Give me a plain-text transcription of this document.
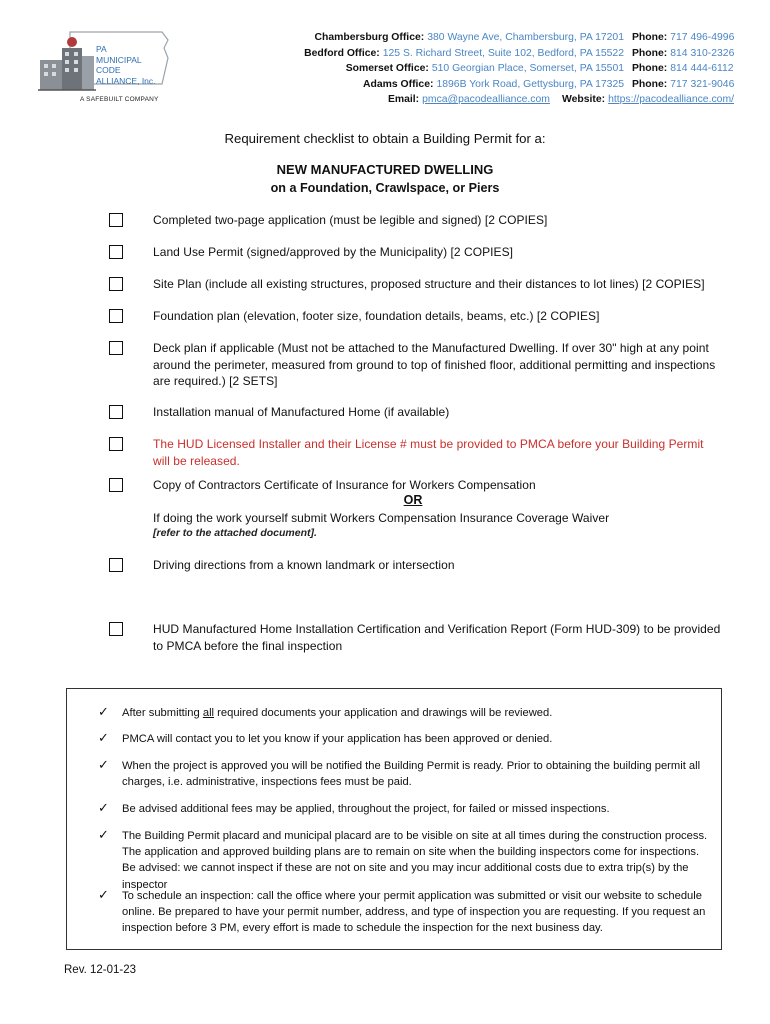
PA
MUNICIPAL
CODE
ALLIANCE, Inc.
A SAFEBUILT COMPANY
Chambersburg Office: 380 Wayne Ave, Chambersburg, PA 17201 Phone: 717 496-4996
Bedford Office: 125 S. Richard Street, Suite 102, Bedford, PA 15522 Phone: 814 310-2326
Somerset Office: 510 Georgian Place, Somerset, PA 15501 Phone: 814 444-6112
Adams Office: 1896B York Road, Gettysburg, PA 17325 Phone: 717 321-9046
Email: pmca@pacodealliance.com Website: https://pacodealliance.com/
Requirement checklist to obtain a Building Permit for a:
NEW MANUFACTURED DWELLING
on a Foundation, Crawlspace, or Piers
Completed two-page application (must be legible and signed) [2 COPIES]
Land Use Permit (signed/approved by the Municipality) [2 COPIES]
Site Plan (include all existing structures, proposed structure and their distances to lot lines) [2 COPIES]
Foundation plan (elevation, footer size, foundation details, beams, etc.) [2 COPIES]
Deck plan if applicable (Must not be attached to the Manufactured Dwelling. If over 30" high at any point around the perimeter, measured from ground to top of finished floor, additional permitting and inspections are required.) [2 SETS]
Installation manual of Manufactured Home (if available)
The HUD Licensed Installer and their License # must be provided to PMCA before your Building Permit will be released.
Copy of Contractors Certificate of Insurance for Workers Compensation
OR
If doing the work yourself submit Workers Compensation Insurance Coverage Waiver
[refer to the attached document].
Driving directions from a known landmark or intersection
HUD Manufactured Home Installation Certification and Verification Report (Form HUD-309) to be provided to PMCA before the final inspection
✓ After submitting all required documents your application and drawings will be reviewed.
✓ PMCA will contact you to let you know if your application has been approved or denied.
✓ When the project is approved you will be notified the Building Permit is ready. Prior to obtaining the building permit all charges, i.e. administrative, inspections fees must be paid.
✓ Be advised additional fees may be applied, throughout the project, for failed or missed inspections.
✓ The Building Permit placard and municipal placard are to be visible on site at all times during the construction process. The application and approved building plans are to remain on site when the building inspectors come for inspections. Be advised: we cannot inspect if these are not on site and you may incur additional costs due to extra trip(s) by the inspector
✓ To schedule an inspection: call the office where your permit application was submitted or visit our website to schedule online. Be prepared to have your permit number, address, and type of inspection you are requesting. If you request an inspection before 3 PM, every effort is made to schedule the inspection for the next business day.
Rev. 12-01-23
